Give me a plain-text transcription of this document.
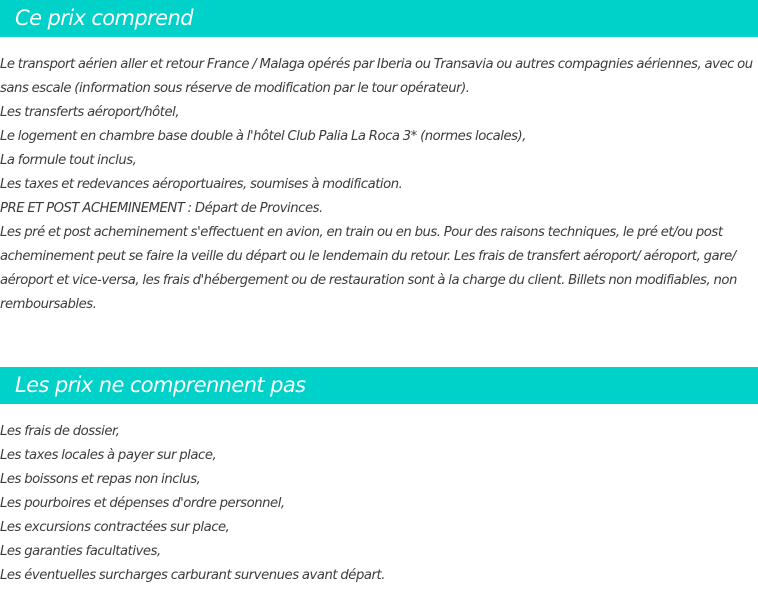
Ce prix comprend

Le transport aérien aller et retour France / Malaga opérés par Iberia ou Transavia ou autres compagnies aériennes, avec ou sans escale (information sous réserve de modification par le tour opérateur).

Les transferts aéroport/hôtel,

Le logement en chambre base double à l'hôtel Club Palia La Roca 3* (normes locales),

La formule tout inclus,

Les taxes et redevances aéroportuaires, soumises à modification.

PRE ET POST ACHEMINEMENT : Départ de Provinces.

Les pré et post acheminement s'effectuent en avion, en train ou en bus. Pour des raisons techniques, le pré et/ou post acheminement peut se faire la veille du départ ou le lendemain du retour. Les frais de transfert aéroport/ aéroport, gare/ aéroport et vice-versa, les frais d'hébergement ou de restauration sont à la charge du client. Billets non modifiables, non remboursables.

Les prix ne comprennent pas

Les frais de dossier,

Les taxes locales à payer sur place,

Les boissons et repas non inclus,

Les pourboires et dépenses d'ordre personnel,

Les excursions contractées sur place,

Les garanties facultatives,

Les éventuelles surcharges carburant survenues avant départ.
